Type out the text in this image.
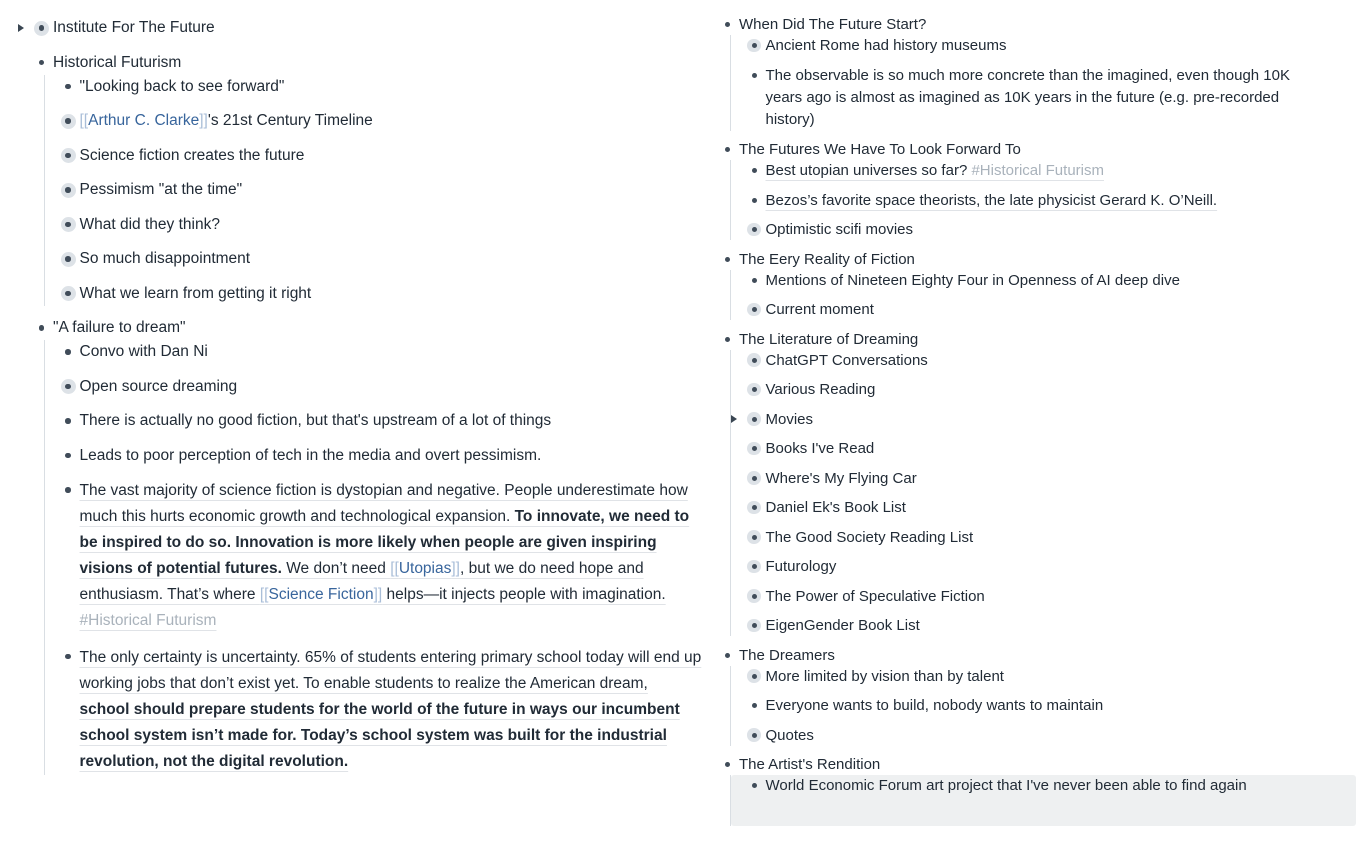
Institute For The Future
Historical Futurism
"Looking back to see forward"
[[Arthur C. Clarke]]'s 21st Century Timeline
Science fiction creates the future
Pessimism "at the time"
What did they think?
So much disappointment
What we learn from getting it right
"A failure to dream"
Convo with Dan Ni
Open source dreaming
There is actually no good fiction, but that's upstream of a lot of things
Leads to poor perception of tech in the media and overt pessimism.
The vast majority of science fiction is dystopian and negative. People underestimate how much this hurts economic growth and technological expansion. To innovate, we need to be inspired to do so. Innovation is more likely when people are given inspiring visions of potential futures. We don’t need [[Utopias]], but we do need hope and enthusiasm. That’s where [[Science Fiction]] helps—it injects people with imagination. #Historical Futurism
The only certainty is uncertainty. 65% of students entering primary school today will end up working jobs that don’t exist yet. To enable students to realize the American dream, school should prepare students for the world of the future in ways our incumbent school system isn’t made for. Today’s school system was built for the industrial revolution, not the digital revolution.
When Did The Future Start?
Ancient Rome had history museums
The observable is so much more concrete than the imagined, even though 10K years ago is almost as imagined as 10K years in the future (e.g. pre-recorded history)
The Futures We Have To Look Forward To
Best utopian universes so far? #Historical Futurism
Bezos’s favorite space theorists, the late physicist Gerard K. O’Neill.
Optimistic scifi movies
The Eery Reality of Fiction
Mentions of Nineteen Eighty Four in Openness of AI deep dive
Current moment
The Literature of Dreaming
ChatGPT Conversations
Various Reading
Movies
Books I've Read
Where's My Flying Car
Daniel Ek's Book List
The Good Society Reading List
Futurology
The Power of Speculative Fiction
EigenGender Book List
The Dreamers
More limited by vision than by talent
Everyone wants to build, nobody wants to maintain
Quotes
The Artist's Rendition
World Economic Forum art project that I've never been able to find again
